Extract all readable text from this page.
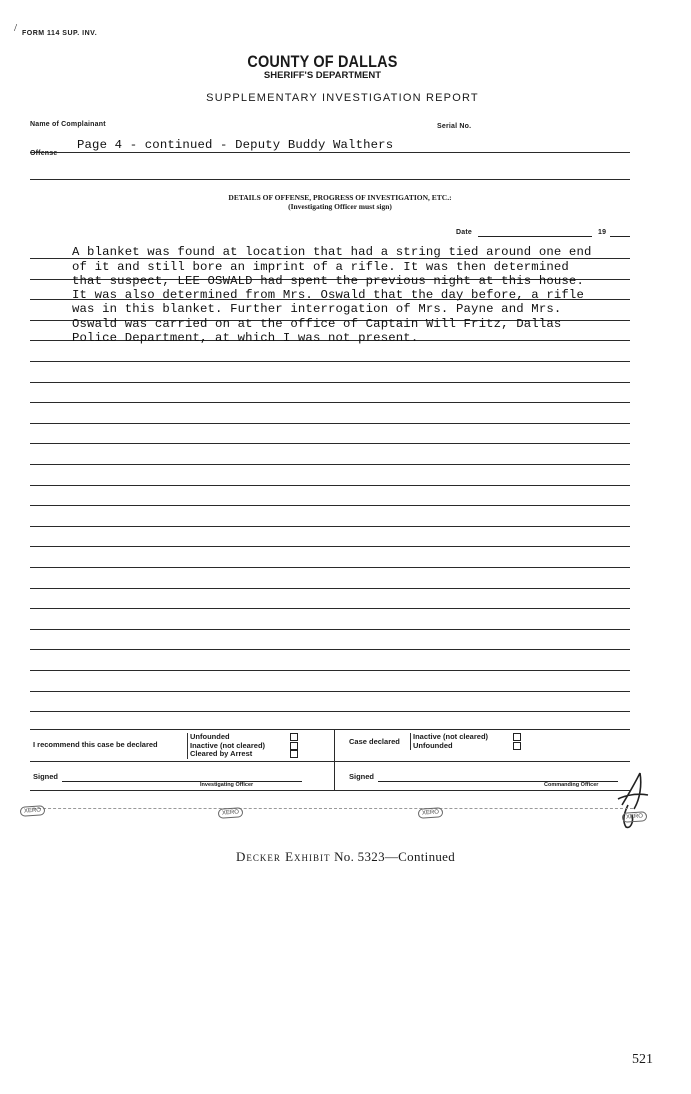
/ FORM 114 SUP. INV.
COUNTY OF DALLAS
SHERIFF'S DEPARTMENT
SUPPLEMENTARY INVESTIGATION REPORT
Name of Complainant	Serial No.
Offense
Page 4 - continued - Deputy Buddy Walthers
DETAILS OF OFFENSE, PROGRESS OF INVESTIGATION, ETC.:
(Investigating Officer must sign)
Date	19
A blanket was found at location that had a string tied around one end
of it and still bore an imprint of a rifle. It was then determined
that suspect, LEE OSWALD had spent the previous night at this house.
It was also determined from Mrs. Oswald that the day before, a rifle
was in this blanket. Further interrogation of Mrs. Payne and Mrs.
Oswald was carried on at the office of Captain Will Fritz, Dallas
Police Department, at which I was not present.
I recommend this case be declared
Unfounded
Inactive (not cleared)
Cleared by Arrest
Case declared
Inactive (not cleared)
Unfounded
Signed
Investigating Officer
Signed
Commanding Officer
XERO	XERO	XERO
XERO
Decker Exhibit No. 5323—Continued
521
